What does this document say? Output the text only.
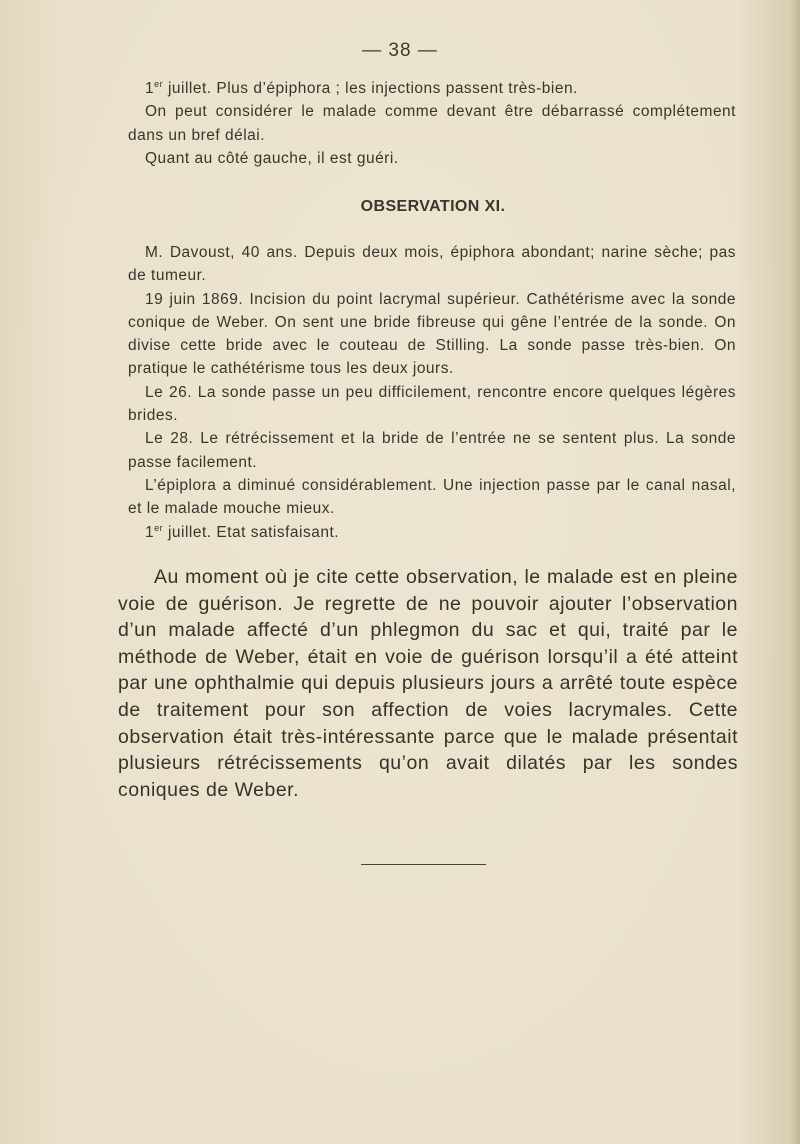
— 38 —

1er juillet. Plus d’épiphora ; les injections passent très-bien.

On peut considérer le malade comme devant être débarrassé complétement dans un bref délai.

Quant au côté gauche, il est guéri.

OBSERVATION XI.

M. Davoust, 40 ans. Depuis deux mois, épiphora abondant; narine sèche; pas de tumeur.

19 juin 1869. Incision du point lacrymal supérieur. Cathétérisme avec la sonde conique de Weber. On sent une bride fibreuse qui gêne l’entrée de la sonde. On divise cette bride avec le couteau de Stilling. La sonde passe très-bien. On pratique le cathétérisme tous les deux jours.

Le 26. La sonde passe un peu difficilement, rencontre encore quelques légères brides.

Le 28. Le rétrécissement et la bride de l’entrée ne se sentent plus. La sonde passe facilement.

L’épiplora a diminué considérablement. Une injection passe par le canal nasal, et le malade mouche mieux.

1er juillet. Etat satisfaisant.

Au moment où je cite cette observation, le malade est en pleine voie de guérison. Je regrette de ne pouvoir ajouter l’observation d’un malade affecté d’un phlegmon du sac et qui, traité par le méthode de Weber, était en voie de guérison lorsqu’il a été atteint par une ophthalmie qui depuis plusieurs jours a arrêté toute espèce de traitement pour son affection de voies lacrymales. Cette observation était très-intéressante parce que le malade présentait plusieurs rétrécissements qu’on avait dilatés par les sondes coniques de Weber.
